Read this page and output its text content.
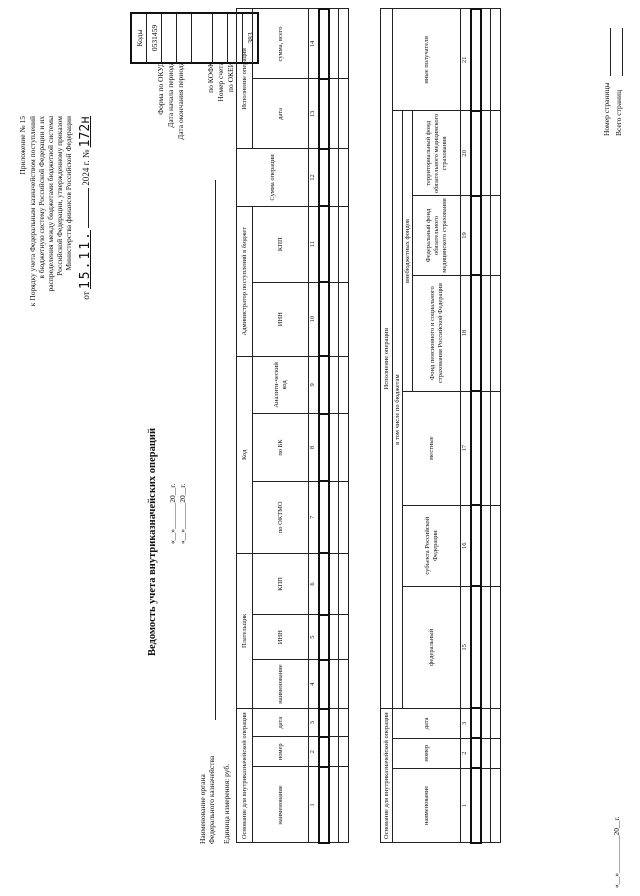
Приложение № 15 к Порядку учета Федеральным казначейством поступлений в бюджетную систему Российской Федерации и их распределения между бюджетами бюджетной системы Российской Федерации, утвержденному приказом Министерства финансов Российской Федерации
от 15.11.  2024 г. № 172н
Ведомость учета внутриказначейских операций «__»_______20__г. «__»_______20__г.
Форма по ОКУД Дата начала периода Дата окончания периода	по КОФК Номер счета по ОКЕИ
Коды
0531459

383
Наименование органа Федерального казначейства Единица измерения: руб. Основание для внутриказначейской операции			Плательщик			Код			Администратор поступлений в бюджет		Сумма операции	Исполнение операции	
наименование	номер	дата	наименование	ИНН	КПП	по ОКТМО	по БК	Аналити-ческий код	ИНН	КПП		дата	сумма, всего
1	2	3	4	5	6	7	8	9	10	11	12	13	14

Основание для внутриказначейской операции			Исполнение операции						
наименование	номер	дата	в том числе по бюджетам						иные получатели
			федеральный	субъекта Российской Федерации	местные	внебюджетных фондов			
						Фонд пенсионного и социального страхования Российской Федерации	Федеральный фонд обязательного медицинского страхования	территориальный фонд обязательного медицинского страхования	
1	2	3	15	16	17	18	19	20	21

«__»__________20__г.
Номер страницы Всего страниц
